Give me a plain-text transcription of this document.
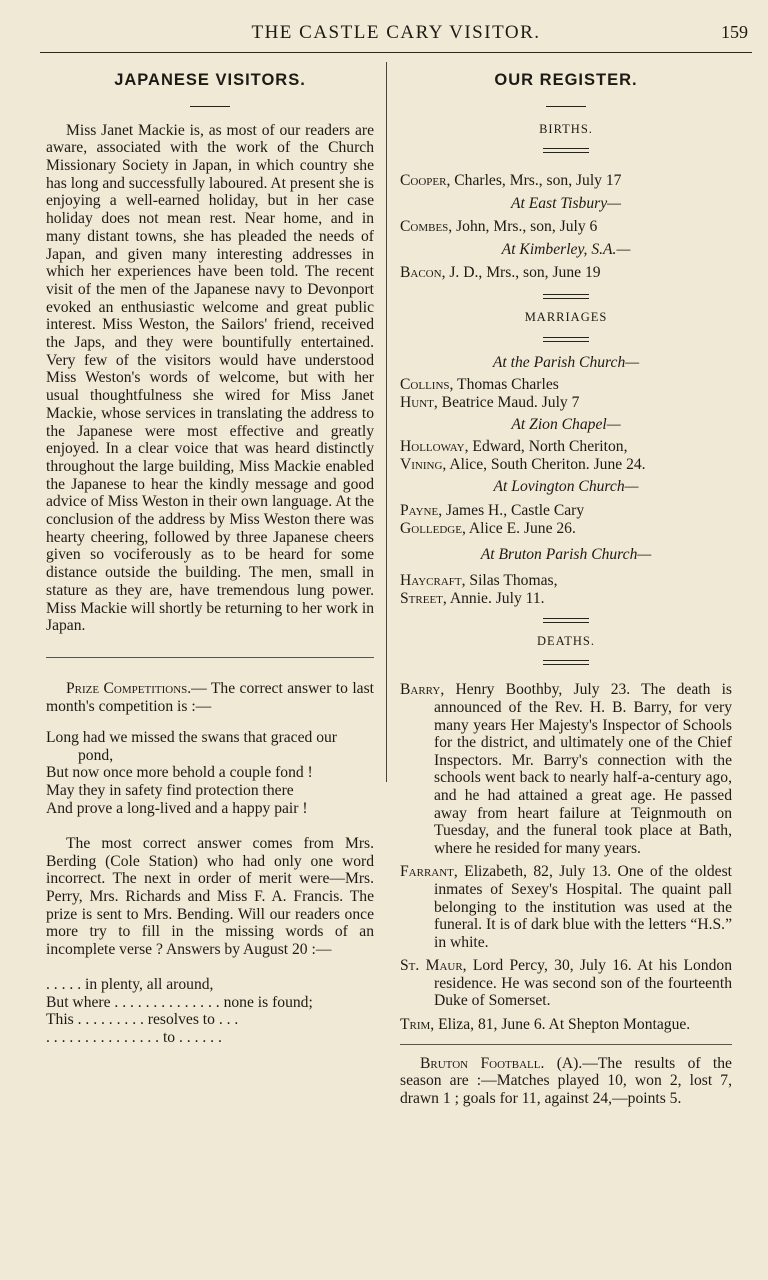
THE CASTLE CARY VISITOR.	159
JAPANESE VISITORS.

Miss Janet Mackie is, as most of our readers are aware, associated with the work of the Church Missionary Society in Japan, in which country she has long and successfully laboured. At present she is enjoying a well-earned holiday, but in her case holiday does not mean rest. Near home, and in many distant towns, she has pleaded the needs of Japan, and given many interesting addresses in which her experiences have been told. The recent visit of the men of the Japanese navy to Devonport evoked an enthusiastic welcome and great public interest. Miss Weston, the Sailors' friend, received the Japs, and they were bountifully entertained. Very few of the visitors would have understood Miss Weston's words of welcome, but with her usual thoughtfulness she wired for Miss Janet Mackie, whose services in translating the address to the Japanese were most effective and greatly enjoyed. In a clear voice that was heard distinctly throughout the large building, Miss Mackie enabled the Japanese to hear the kindly message and good advice of Miss Weston in their own language. At the conclusion of the address by Miss Weston there was hearty cheering, followed by three Japanese cheers given so vociferously as to be heard for some distance outside the building. The men, small in stature as they are, have tremendous lung power. Miss Mackie will shortly be returning to her work in Japan.

Prize Competitions.— The correct answer to last month's competition is :—

Long had we missed the swans that graced our pond,
But now once more behold a couple fond !
May they in safety find protection there
And prove a long-lived and a happy pair !

The most correct answer comes from Mrs. Berding (Cole Station) who had only one word incorrect. The next in order of merit were—Mrs. Perry, Mrs. Richards and Miss F. A. Francis. The prize is sent to Mrs. Bending. Will our readers once more try to fill in the missing words of an incomplete verse ? Answers by August 20 :—

. . . . . in plenty, all around,
But where . . . . . . . . . . . . . . none is found;
This . . . . . . . . . resolves to . . .
. . . . . . . . . . . . . . . to . . . . . .
OUR REGISTER.
BIRTHS.
Cooper, Charles, Mrs., son, July 17
At East Tisbury—
Combes, John, Mrs., son, July 6
At Kimberley, S.A.—
Bacon, J. D., Mrs., son, June 19
MARRIAGES
At the Parish Church—
Collins, Thomas Charles
Hunt, Beatrice Maud. July 7
At Zion Chapel—
Holloway, Edward, North Cheriton,
Vining, Alice, South Cheriton. June 24.
At Lovington Church—
Payne, James H., Castle Cary
Golledge, Alice E. June 26.
At Bruton Parish Church—
Haycraft, Silas Thomas,
Street, Annie. July 11.
DEATHS.

Barry, Henry Boothby, July 23. The death is announced of the Rev. H. B. Barry, for very many years Her Majesty's Inspector of Schools for the district, and ultimately one of the Chief Inspectors. Mr. Barry's connection with the schools went back to nearly half-a-century ago, and he had attained a great age. He passed away from heart failure at Teignmouth on Tuesday, and the funeral took place at Bath, where he resided for many years.

Farrant, Elizabeth, 82, July 13. One of the oldest inmates of Sexey's Hospital. The quaint pall belonging to the institution was used at the funeral. It is of dark blue with the letters “H.S.” in white.

St. Maur, Lord Percy, 30, July 16. At his London residence. He was second son of the fourteenth Duke of Somerset.

Trim, Eliza, 81, June 6. At Shepton Montague.

Bruton Football. (A).—The results of the season are :—Matches played 10, won 2, lost 7, drawn 1 ; goals for 11, against 24,—points 5.
